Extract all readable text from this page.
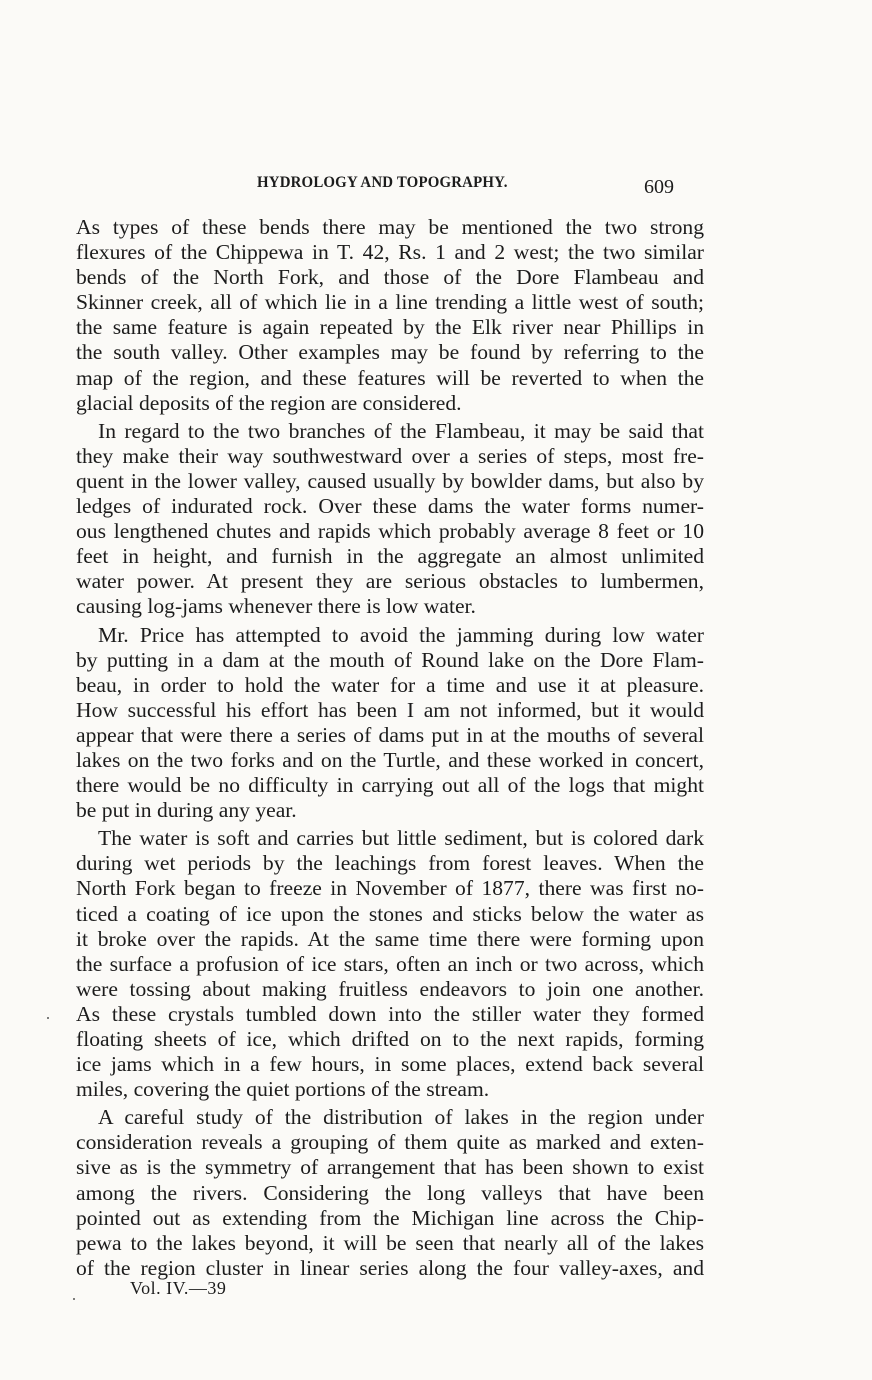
HYDROLOGY AND TOPOGRAPHY.	609
As types of these bends there may be mentioned the two strong
flexures of the Chippewa in T. 42, Rs. 1 and 2 west; the two similar
bends of the North Fork, and those of the Dore Flambeau and
Skinner creek, all of which lie in a line trending a little west of south;
the same feature is again repeated by the Elk river near Phillips in
the south valley. Other examples may be found by referring to the
map of the region, and these features will be reverted to when the
glacial deposits of the region are considered.
In regard to the two branches of the Flambeau, it may be said that
they make their way southwestward over a series of steps, most fre-
quent in the lower valley, caused usually by bowlder dams, but also by
ledges of indurated rock. Over these dams the water forms numer-
ous lengthened chutes and rapids which probably average 8 feet or 10
feet in height, and furnish in the aggregate an almost unlimited
water power. At present they are serious obstacles to lumbermen,
causing log-jams whenever there is low water.
Mr. Price has attempted to avoid the jamming during low water
by putting in a dam at the mouth of Round lake on the Dore Flam-
beau, in order to hold the water for a time and use it at pleasure.
How successful his effort has been I am not informed, but it would
appear that were there a series of dams put in at the mouths of several
lakes on the two forks and on the Turtle, and these worked in concert,
there would be no difficulty in carrying out all of the logs that might
be put in during any year.
The water is soft and carries but little sediment, but is colored dark
during wet periods by the leachings from forest leaves. When the
North Fork began to freeze in November of 1877, there was first no-
ticed a coating of ice upon the stones and sticks below the water as
it broke over the rapids. At the same time there were forming upon
the surface a profusion of ice stars, often an inch or two across, which
were tossing about making fruitless endeavors to join one another.
As these crystals tumbled down into the stiller water they formed
floating sheets of ice, which drifted on to the next rapids, forming
ice jams which in a few hours, in some places, extend back several
miles, covering the quiet portions of the stream.
A careful study of the distribution of lakes in the region under
consideration reveals a grouping of them quite as marked and exten-
sive as is the symmetry of arrangement that has been shown to exist
among the rivers. Considering the long valleys that have been
pointed out as extending from the Michigan line across the Chip-
pewa to the lakes beyond, it will be seen that nearly all of the lakes
of the region cluster in linear series along the four valley-axes, and
Vol. IV.—39
